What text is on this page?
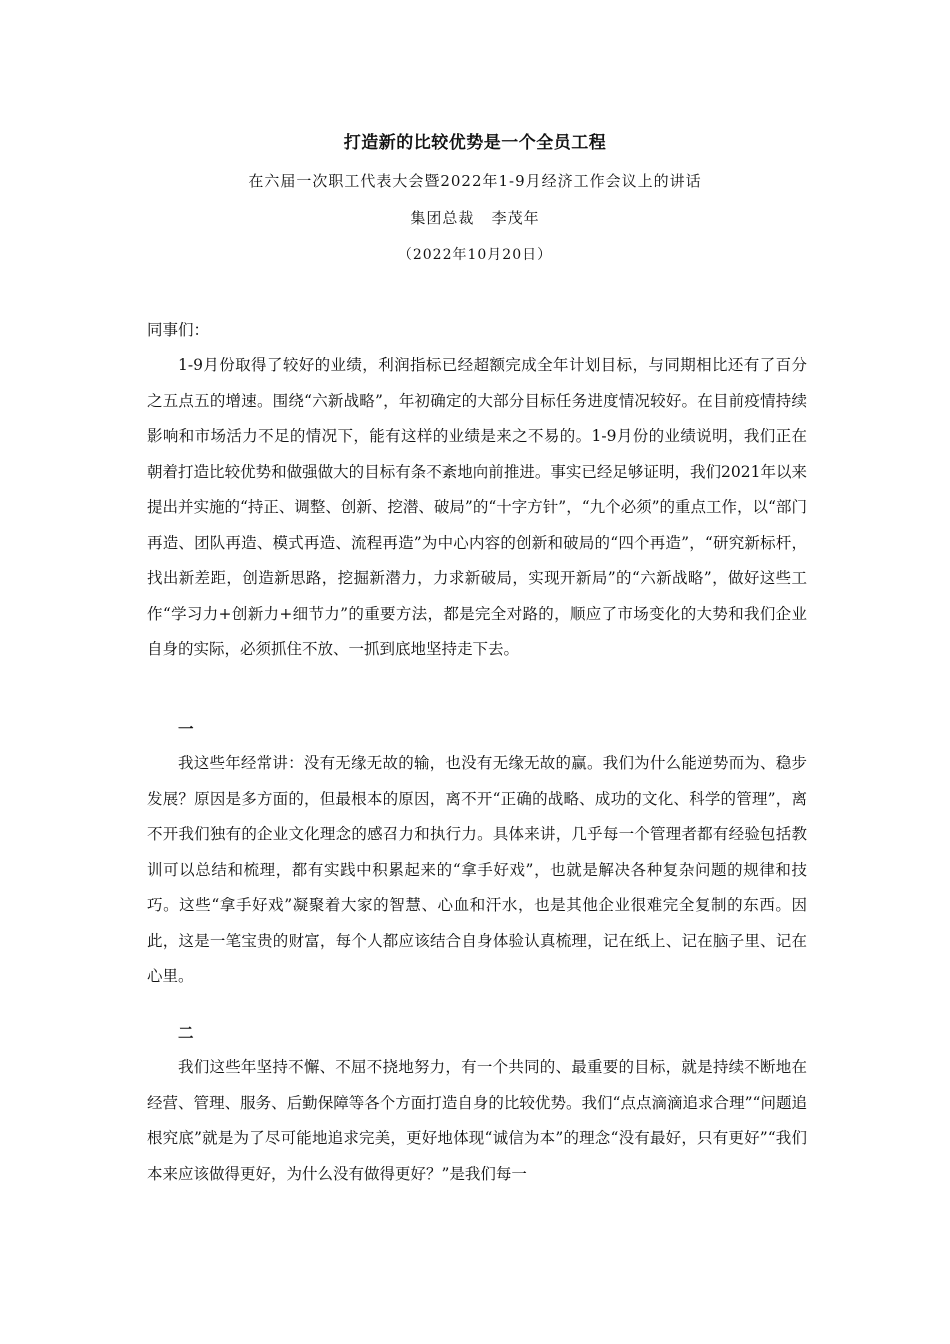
打造新的比较优势是一个全员工程
在六届一次职工代表大会暨2022年1-9月经济工作会议上的讲话
集团总裁   李茂年
（2022年10月20日）
同事们：
1-9月份取得了较好的业绩，利润指标已经超额完成全年计划目标，与同期相比还有了百分之五点五的增速。围绕“六新战略”，年初确定的大部分目标任务进度情况较好。在目前疫情持续影响和市场活力不足的情况下，能有这样的业绩是来之不易的。1-9月份的业绩说明，我们正在朝着打造比较优势和做强做大的目标有条不紊地向前推进。事实已经足够证明，我们2021年以来提出并实施的“持正、调整、创新、挖潜、破局”的“十字方针”，“九个必须”的重点工作，以“部门再造、团队再造、模式再造、流程再造”为中心内容的创新和破局的“四个再造”，“研究新标杆，找出新差距，创造新思路，挖掘新潜力，力求新破局，实现开新局”的“六新战略”，做好这些工作“学习力+创新力+细节力”的重要方法，都是完全对路的，顺应了市场变化的大势和我们企业自身的实际，必须抓住不放、一抓到底地坚持走下去。
一
我这些年经常讲：没有无缘无故的输，也没有无缘无故的赢。我们为什么能逆势而为、稳步发展？原因是多方面的，但最根本的原因，离不开“正确的战略、成功的文化、科学的管理”，离不开我们独有的企业文化理念的感召力和执行力。具体来讲，几乎每一个管理者都有经验包括教训可以总结和梳理，都有实践中积累起来的“拿手好戏”，也就是解决各种复杂问题的规律和技巧。这些“拿手好戏”凝聚着大家的智慧、心血和汗水，也是其他企业很难完全复制的东西。因此，这是一笔宝贵的财富，每个人都应该结合自身体验认真梳理，记在纸上、记在脑子里、记在心里。
二
我们这些年坚持不懈、不屈不挠地努力，有一个共同的、最重要的目标，就是持续不断地在经营、管理、服务、后勤保障等各个方面打造自身的比较优势。我们“点点滴滴追求合理”“问题追根究底”就是为了尽可能地追求完美，更好地体现“诚信为本”的理念“没有最好，只有更好”“我们本来应该做得更好，为什么没有做得更好？”是我们每一
